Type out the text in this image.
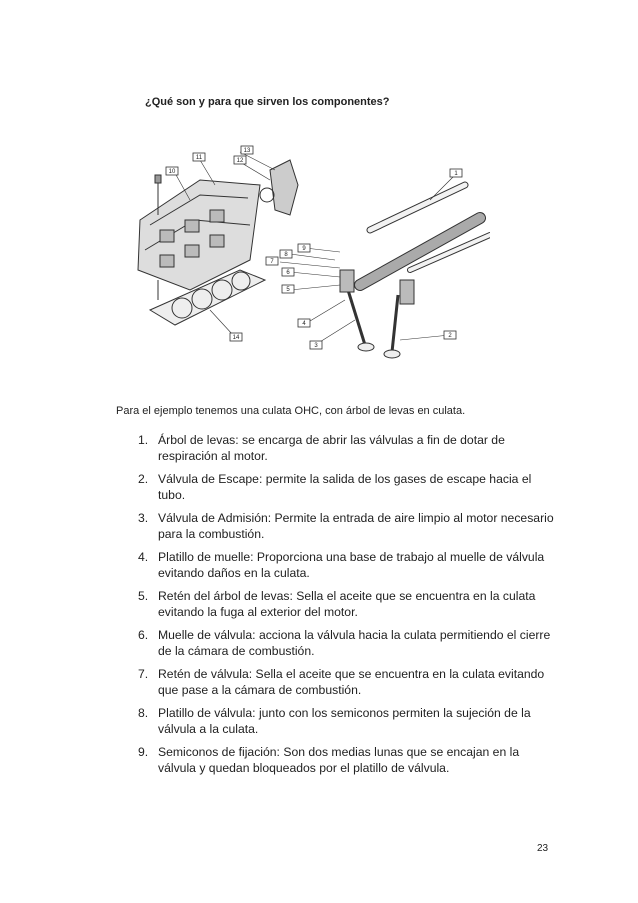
¿Qué son y para que sirven los componentes?
1
2
3
4
5
6
7
8
9
10
11	12
13
14
Para el ejemplo tenemos una culata OHC, con árbol de levas en culata.
1. Árbol de levas: se encarga de abrir las válvulas a fin de dotar de respiración al motor.
2. Válvula de Escape: permite la salida de los gases de escape hacia el tubo.
3. Válvula de Admisión: Permite la entrada de aire limpio al motor necesario para la combustión.
4. Platillo de muelle: Proporciona una base de trabajo al muelle de válvula evitando daños en la culata.
5. Retén del árbol de levas: Sella el aceite que se encuentra en la culata evitando la fuga al exterior del motor.
6. Muelle de válvula: acciona la válvula hacia la culata permitiendo el cierre de la cámara de combustión.
7. Retén de válvula: Sella el aceite que se encuentra en la culata evitando que pase a la cámara de combustión.
8. Platillo de válvula: junto con los semiconos permiten la sujeción de la válvula a la culata.
9. Semiconos de fijación: Son dos medias lunas que se encajan en la válvula y quedan bloqueados por el platillo de válvula.
23
